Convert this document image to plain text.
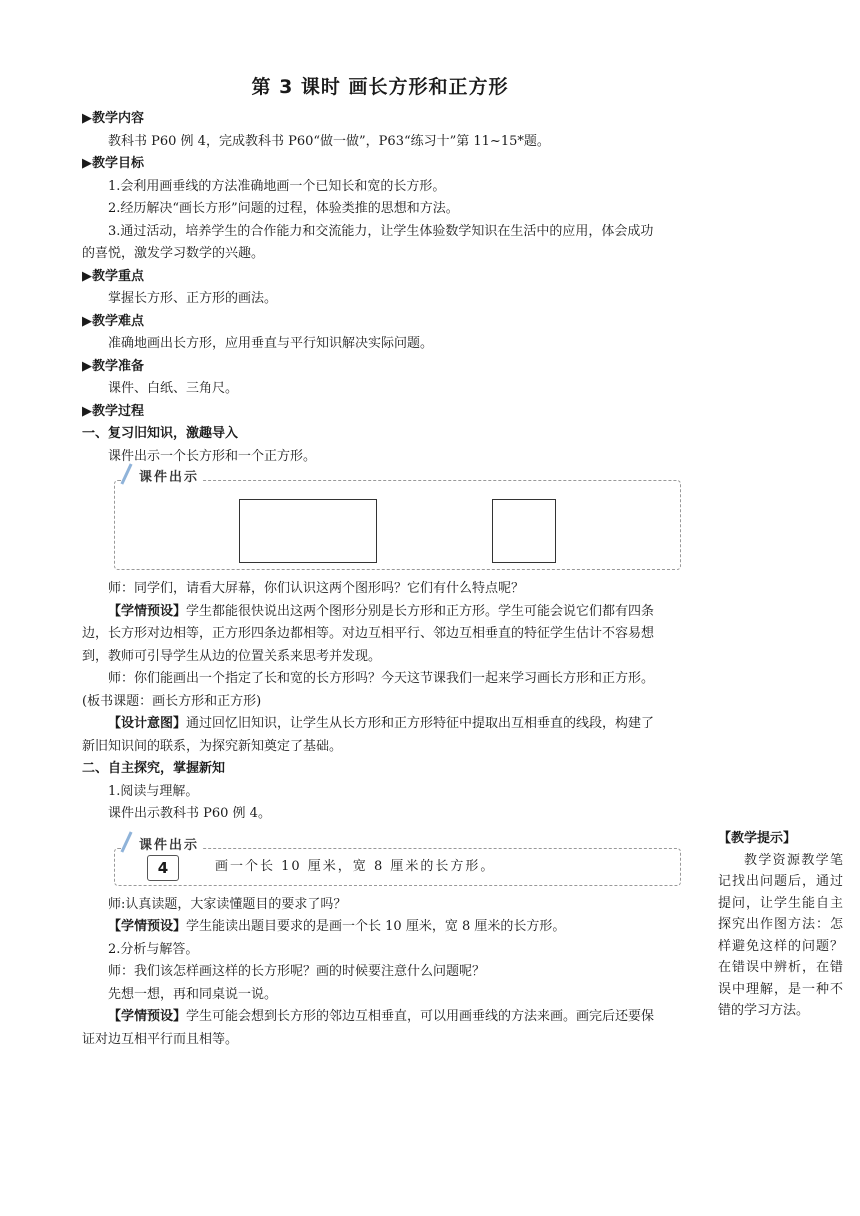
第 3 课时 画长方形和正方形

▶教学内容

教科书 P60 例 4，完成教科书 P60“做一做”，P63“练习十”第 11~15*题。

▶教学目标

1.会利用画垂线的方法准确地画一个已知长和宽的长方形。

2.经历解决“画长方形”问题的过程，体验类推的思想和方法。

3.通过活动，培养学生的合作能力和交流能力，让学生体验数学知识在生活中的应用，体会成功的喜悦，激发学习数学的兴趣。

▶教学重点

掌握长方形、正方形的画法。

▶教学难点

准确地画出长方形，应用垂直与平行知识解决实际问题。

▶教学准备

课件、白纸、三角尺。

▶教学过程

一、复习旧知识，激趣导入

课件出示一个长方形和一个正方形。

课件出示

师：同学们，请看大屏幕，你们认识这两个图形吗？它们有什么特点呢？

【学情预设】学生都能很快说出这两个图形分别是长方形和正方形。学生可能会说它们都有四条边，长方形对边相等，正方形四条边都相等。对边互相平行、邻边互相垂直的特征学生估计不容易想到，教师可引导学生从边的位置关系来思考并发现。

师：你们能画出一个指定了长和宽的长方形吗？今天这节课我们一起来学习画长方形和正方形。(板书课题：画长方形和正方形)

【设计意图】通过回忆旧知识，让学生从长方形和正方形特征中提取出互相垂直的线段，构建了新旧知识间的联系，为探究新知奠定了基础。

二、自主探究，掌握新知

1.阅读与理解。

课件出示教科书 P60 例 4。

课件出示
4	画一个长 10 厘米，宽 8 厘米的长方形。

师:认真读题，大家读懂题目的要求了吗？

【学情预设】学生能读出题目要求的是画一个长 10 厘米，宽 8 厘米的长方形。

2.分析与解答。

师：我们该怎样画这样的长方形呢？画的时候要注意什么问题呢？

先想一想，再和同桌说一说。

【学情预设】学生可能会想到长方形的邻边互相垂直，可以用画垂线的方法来画。画完后还要保证对边互相平行而且相等。

【教学提示】
教学资源教学笔记找出问题后，通过提问，让学生能自主探究出作图方法：怎样避免这样的问题？在错误中辨析，在错误中理解，是一种不错的学习方法。
